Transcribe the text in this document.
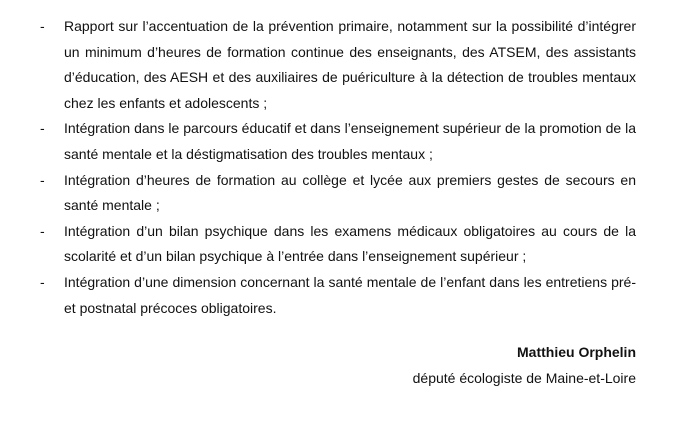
- Rapport sur l’accentuation de la prévention primaire, notamment sur la possibilité d’intégrer un minimum d’heures de formation continue des enseignants, des ATSEM, des assistants d’éducation, des AESH et des auxiliaires de puériculture à la détection de troubles mentaux chez les enfants et adolescents ;
- Intégration dans le parcours éducatif et dans l’enseignement supérieur de la promotion de la santé mentale et la déstigmatisation des troubles mentaux ;
- Intégration d’heures de formation au collège et lycée aux premiers gestes de secours en santé mentale ;
- Intégration d’un bilan psychique dans les examens médicaux obligatoires au cours de la scolarité et d’un bilan psychique à l’entrée dans l’enseignement supérieur ;
- Intégration d’une dimension concernant la santé mentale de l’enfant dans les entretiens pré- et postnatal précoces obligatoires.
Matthieu Orphelin
député écologiste de Maine-et-Loire
